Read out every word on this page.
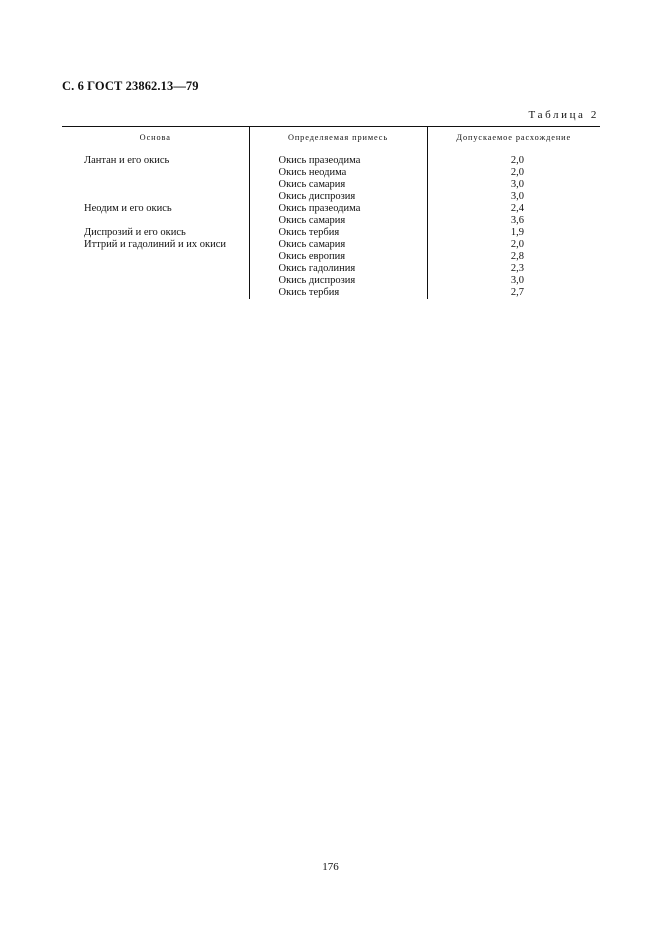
С. 6 ГОСТ 23862.13—79
Таблица 2
Основа	Определяемая примесь	Допускаемое расхождение

Лантан и его окись	Окись празеодима	2,0
	Окись неодима	2,0
	Окись самария	3,0
	Окись диспрозия	3,0
Неодим и его окись	Окись празеодима	2,4
	Окись самария	3,6
Диспрозий и его окись	Окись тербия	1,9
Иттрий и гадолиний и их окиси	Окись самария	2,0
	Окись европия	2,8
	Окись гадолиния	2,3
	Окись диспрозия	3,0
	Окись тербия	2,7
176
